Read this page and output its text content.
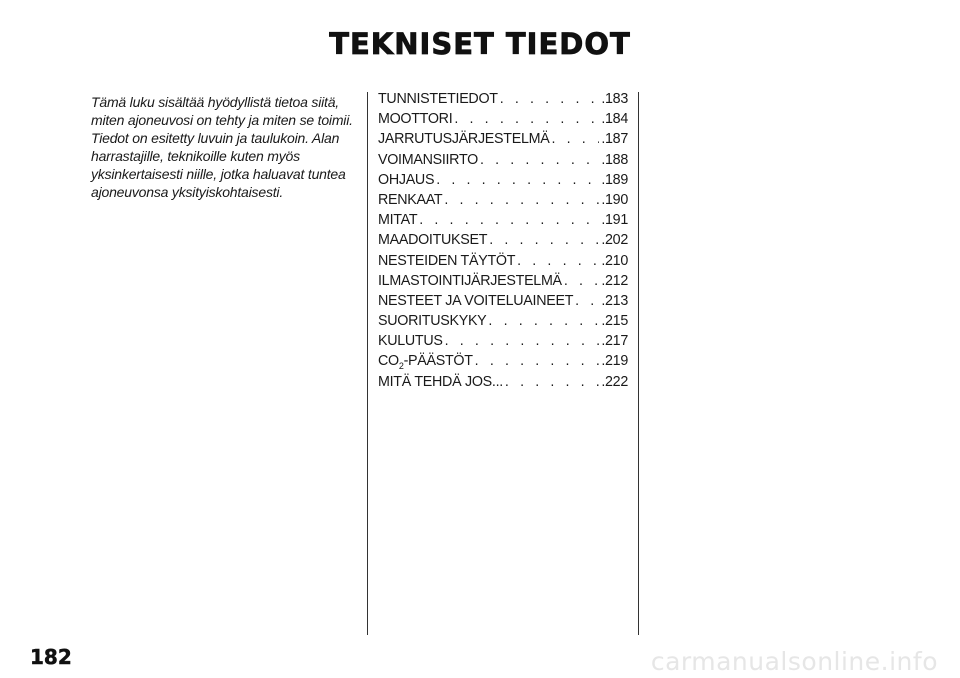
TEKNISET TIEDOT
Tämä luku sisältää hyödyllistä tietoa siitä, miten ajoneuvosi on tehty ja miten se toimii. Tiedot on esitetty luvuin ja taulukoin. Alan harrastajille, teknikoille kuten myös yksinkertaisesti niille, jotka haluavat tuntea ajoneuvonsa yksityiskohtaisesti.
TUNNISTETIEDOT . . .	.183
MOOTTORI . . .	.184
JARRUTUSJÄRJESTELMÄ . . .	.187
VOIMANSIIRTO . . .	.188
OHJAUS . . .	.189
RENKAAT . . .	.190
MITAT . . .	.191
MAADOITUKSET . . .	.202
NESTEIDEN TÄYTÖT . . .	.210
ILMASTOINTIJÄRJESTELMÄ . . .	.212
NESTEET JA VOITELUAINEET . . . .213
SUORITUSKYKY . . .	.215
KULUTUS . . .	.217
$CO_2$-PÄÄSTÖT . . .	.219
MITÄ TEHDÄ JOS... . . .	.222
182	carmanualsonline.info
